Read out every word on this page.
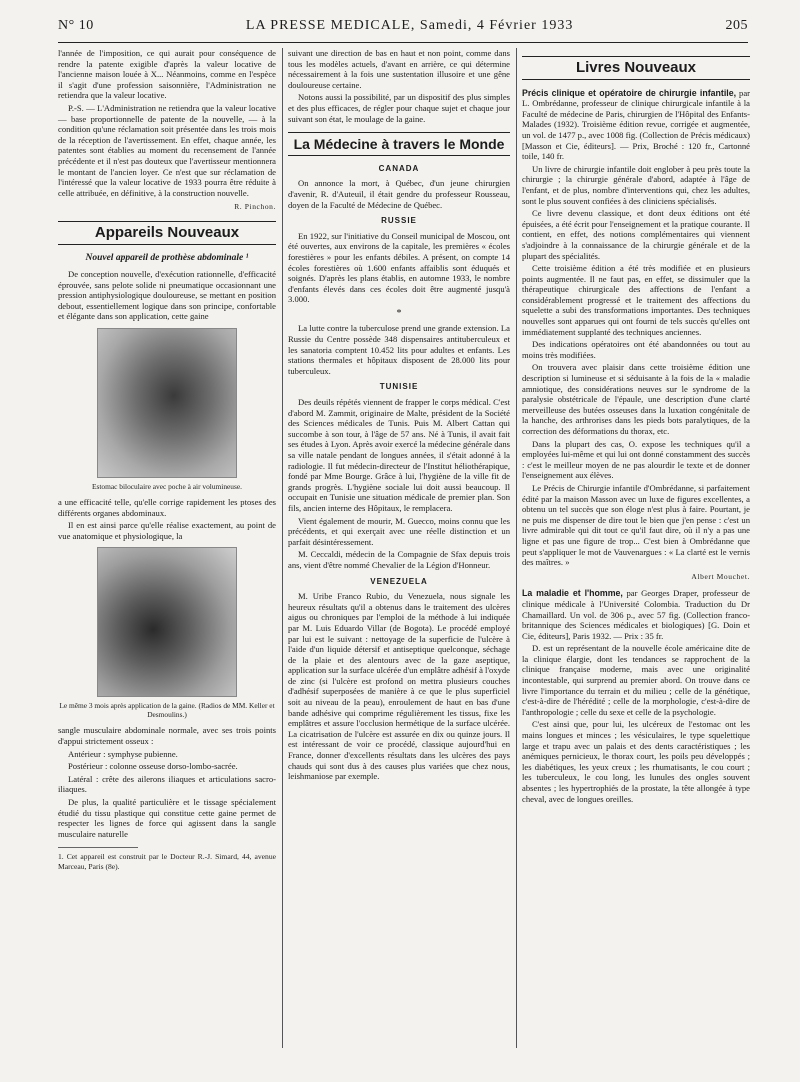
N° 10	LA PRESSE MEDICALE, Samedi, 4 Février 1933	205

l'année de l'imposition, ce qui aurait pour conséquence de rendre la patente exigible d'après la valeur locative de l'ancienne maison louée à X... Néanmoins, comme en l'espèce il s'agit d'une profession saisonnière, l'Administration ne retiendra que la valeur locative.

P.-S. — L'Administration ne retiendra que la valeur locative — base proportionnelle de patente de la nouvelle, — à la condition qu'une réclamation soit présentée dans les trois mois de la réception de l'avertissement. En effet, chaque année, les patentes sont établies au moment du recensement de l'année précédente et il n'est pas douteux que l'avertisseur mentionnera le montant de l'ancien loyer. Ce n'est que sur réclamation de l'intéressé que la valeur locative de 1933 pourra être réduite à celle attribuée, en définitive, à la construction nouvelle.

R. Pinchon.
Appareils Nouveaux
Nouvel appareil de prothèse abdominale ¹

De conception nouvelle, d'exécution rationnelle, d'efficacité éprouvée, sans pelote solide ni pneumatique occasionnant une pression antiphysiologique douloureuse, se mettant en position debout, essentiellement logique dans son principe, confortable et élégante dans son application, cette gaine

Estomac biloculaire avec poche à air volumineuse.

a une efficacité telle, qu'elle corrige rapidement les ptoses des différents organes abdominaux.

Il en est ainsi parce qu'elle réalise exactement, au point de vue anatomique et physiologique, la

Le même 3 mois après application de la gaine. (Radios de MM. Keller et Desmoulins.)

sangle musculaire abdominale normale, avec ses trois points d'appui strictement osseux :

Antérieur : symphyse pubienne.

Postérieur : colonne osseuse dorso-lombo-sacrée.

Latéral : crête des ailerons iliaques et articulations sacro-iliaques.

De plus, la qualité particulière et le tissage spécialement étudié du tissu plastique qui constitue cette gaine permet de respecter les lignes de force qui agissent dans la sangle musculaire naturelle

1. Cet appareil est construit par le Docteur R.-J. Simard, 44, avenue Marceau, Paris (8e).

suivant une direction de bas en haut et non point, comme dans tous les modèles actuels, d'avant en arrière, ce qui détermine nécessairement à la fois une sustentation illusoire et une gêne douloureuse certaine.

Notons aussi la possibilité, par un dispositif des plus simples et des plus efficaces, de régler pour chaque sujet et chaque jour suivant son état, le moulage de la gaine.

La Médecine à travers le Monde
CANADA

On annonce la mort, à Québec, d'un jeune chirurgien d'avenir, R. d'Auteuil, il était gendre du professeur Rousseau, doyen de la Faculté de Médecine de Québec.

RUSSIE

En 1922, sur l'initiative du Conseil municipal de Moscou, ont été ouvertes, aux environs de la capitale, les premières « écoles forestières » pour les enfants débiles. A présent, on compte 14 écoles forestières où 1.600 enfants affaiblis sont éduqués et soignés. D'après les plans établis, en automne 1933, le nombre d'enfants élevés dans ces écoles doit être augmenté jusqu'à 3.000.

*

La lutte contre la tuberculose prend une grande extension. La Russie du Centre possède 348 dispensaires antituberculeux et les sanatoria comptent 10.452 lits pour adultes et enfants. Les stations thermales et hôpitaux disposent de 28.000 lits pour tuberculeux.

TUNISIE

Des deuils répétés viennent de frapper le corps médical. C'est d'abord M. Zammit, originaire de Malte, président de la Société des Sciences médicales de Tunis. Puis M. Albert Cattan qui succombe à son tour, à l'âge de 57 ans. Né à Tunis, il avait fait ses études à Lyon. Après avoir exercé la médecine générale dans sa ville natale pendant de longues années, il s'était adonné à la radiologie. Il fut médecin-directeur de l'Institut héliothérapique, fondé par Mme Bourge. Grâce à lui, l'hygiène de la ville fit de grands progrès. L'hygiène sociale lui doit aussi beaucoup. Il occupait en Tunisie une situation médicale de premier plan. Son fils, ancien interne des Hôpitaux, le remplacera.

Vient également de mourir, M. Guecco, moins connu que les précédents, et qui exerçait avec une réelle distinction et un parfait désintéressement.

M. Ceccaldi, médecin de la Compagnie de Sfax depuis trois ans, vient d'être nommé Chevalier de la Légion d'Honneur.

VENEZUELA

M. Uribe Franco Rubio, du Venezuela, nous signale les heureux résultats qu'il a obtenus dans le traitement des ulcères aigus ou chroniques par l'emploi de la méthode à lui indiquée par M. Luis Eduardo Villar (de Bogota). Le procédé employé par lui est le suivant : nettoyage de la superficie de l'ulcère à l'aide d'un liquide détersif et antiseptique quelconque, séchage de la plaie et des alentours avec de la gaze aseptique, application sur la surface ulcérée d'un emplâtre adhésif à l'oxyde de zinc (si l'ulcère est profond on mettra plusieurs couches d'adhésif superposées de manière à ce que le plus superficiel soit au niveau de la peau), enroulement de haut en bas d'une bande adhésive qui comprime régulièrement les tissus, fixe les emplâtres et assure l'occlusion hermétique de la surface ulcérée. La cicatrisation de l'ulcère est assurée en dix ou quinze jours. Il est intéressant de voir ce procédé, classique aujourd'hui en France, donner d'excellents résultats dans les ulcères des pays chauds qui sont dus à des causes plus variées que chez nous, leishmaniose par exemple.

Livres Nouveaux

Précis clinique et opératoire de chirurgie infantile, par L. Ombrédanne, professeur de clinique chirurgicale infantile à la Faculté de médecine de Paris, chirurgien de l'Hôpital des Enfants-Malades (1932). Troisième édition revue, corrigée et augmentée, un vol. de 1477 p., avec 1008 fig. (Collection de Précis médicaux) [Masson et Cie, éditeurs]. — Prix, Broché : 120 fr., Cartonné toile, 140 fr.

Un livre de chirurgie infantile doit englober à peu près toute la chirurgie ; la chirurgie générale d'abord, adaptée à l'âge de l'enfant, et de plus, nombre d'interventions qui, chez les adultes, sont le plus souvent confiées à des cliniciens spécialisés.

Ce livre devenu classique, et dont deux éditions ont été épuisées, a été écrit pour l'enseignement et la pratique courante. Il contient, en effet, des notions complémentaires qui viennent s'adjoindre à la connaissance de la chirurgie générale et de la plupart des spécialités.

Cette troisième édition a été très modifiée et en plusieurs points augmentée. Il ne faut pas, en effet, se dissimuler que la thérapeutique chirurgicale des affections de l'enfant a considérablement progressé et le traitement des affections du squelette a subi des transformations importantes. Des techniques nouvelles sont apparues qui ont fourni de tels succès qu'elles ont immédiatement supplanté des techniques anciennes.

Des indications opératoires ont été abandonnées ou tout au moins très modifiées.

On trouvera avec plaisir dans cette troisième édition une description si lumineuse et si séduisante à la fois de la « maladie amniotique, des considérations neuves sur le syndrome de la paralysie obstétricale de l'épaule, une description d'une clarté merveilleuse des butées osseuses dans la luxation congénitale de la hanche, des arthrorises dans les pieds bots paralytiques, de la correction des déformations du thorax, etc.

Dans la plupart des cas, O. expose les techniques qu'il a employées lui-même et qui lui ont donné constamment des succès : c'est le meilleur moyen de ne pas alourdir le texte et de donner l'enseignement aux élèves.

Le Précis de Chirurgie infantile d'Ombrédanne, si parfaitement édité par la maison Masson avec un luxe de figures excellentes, a obtenu un tel succès que son éloge n'est plus à faire. Pourtant, je ne puis me dispenser de dire tout le bien que j'en pense : c'est un livre admirable qui dit tout ce qu'il faut dire, où il n'y a pas une ligne et pas une figure de trop... C'est bien à Ombrédanne que peut s'appliquer le mot de Vauvenargues : « La clarté est le vernis des maîtres. »

Albert Mouchet.

La maladie et l'homme, par Georges Draper, professeur de clinique médicale à l'Université Colombia. Traduction du Dr Chamaillard. Un vol. de 306 p., avec 57 fig. (Collection franco-britannique des Sciences médicales et biologiques) [G. Doin et Cie, éditeurs], Paris 1932. — Prix : 35 fr.

D. est un représentant de la nouvelle école américaine dite de la clinique élargie, dont les tendances se rapprochent de la clinique française moderne, mais avec une originalité incontestable, qui surprend au premier abord. On trouve dans ce livre l'importance du terrain et du milieu ; celle de la génétique, c'est-à-dire de l'hérédité ; celle de la morphologie, c'est-à-dire de l'anthropologie ; celle du sexe et celle de la psychologie.

C'est ainsi que, pour lui, les ulcéreux de l'estomac ont les mains longues et minces ; les vésiculaires, le type squelettique large et trapu avec un palais et des dents caractéristiques ; les anémiques pernicieux, le thorax court, les poils peu développés ; les diabétiques, les yeux creux ; les rhumatisants, le cou court ; les tuberculeux, le cou long, les lunules des ongles souvent absentes ; les hypertrophiés de la prostate, la tête allongée à type cheval, avec de longues oreilles.
